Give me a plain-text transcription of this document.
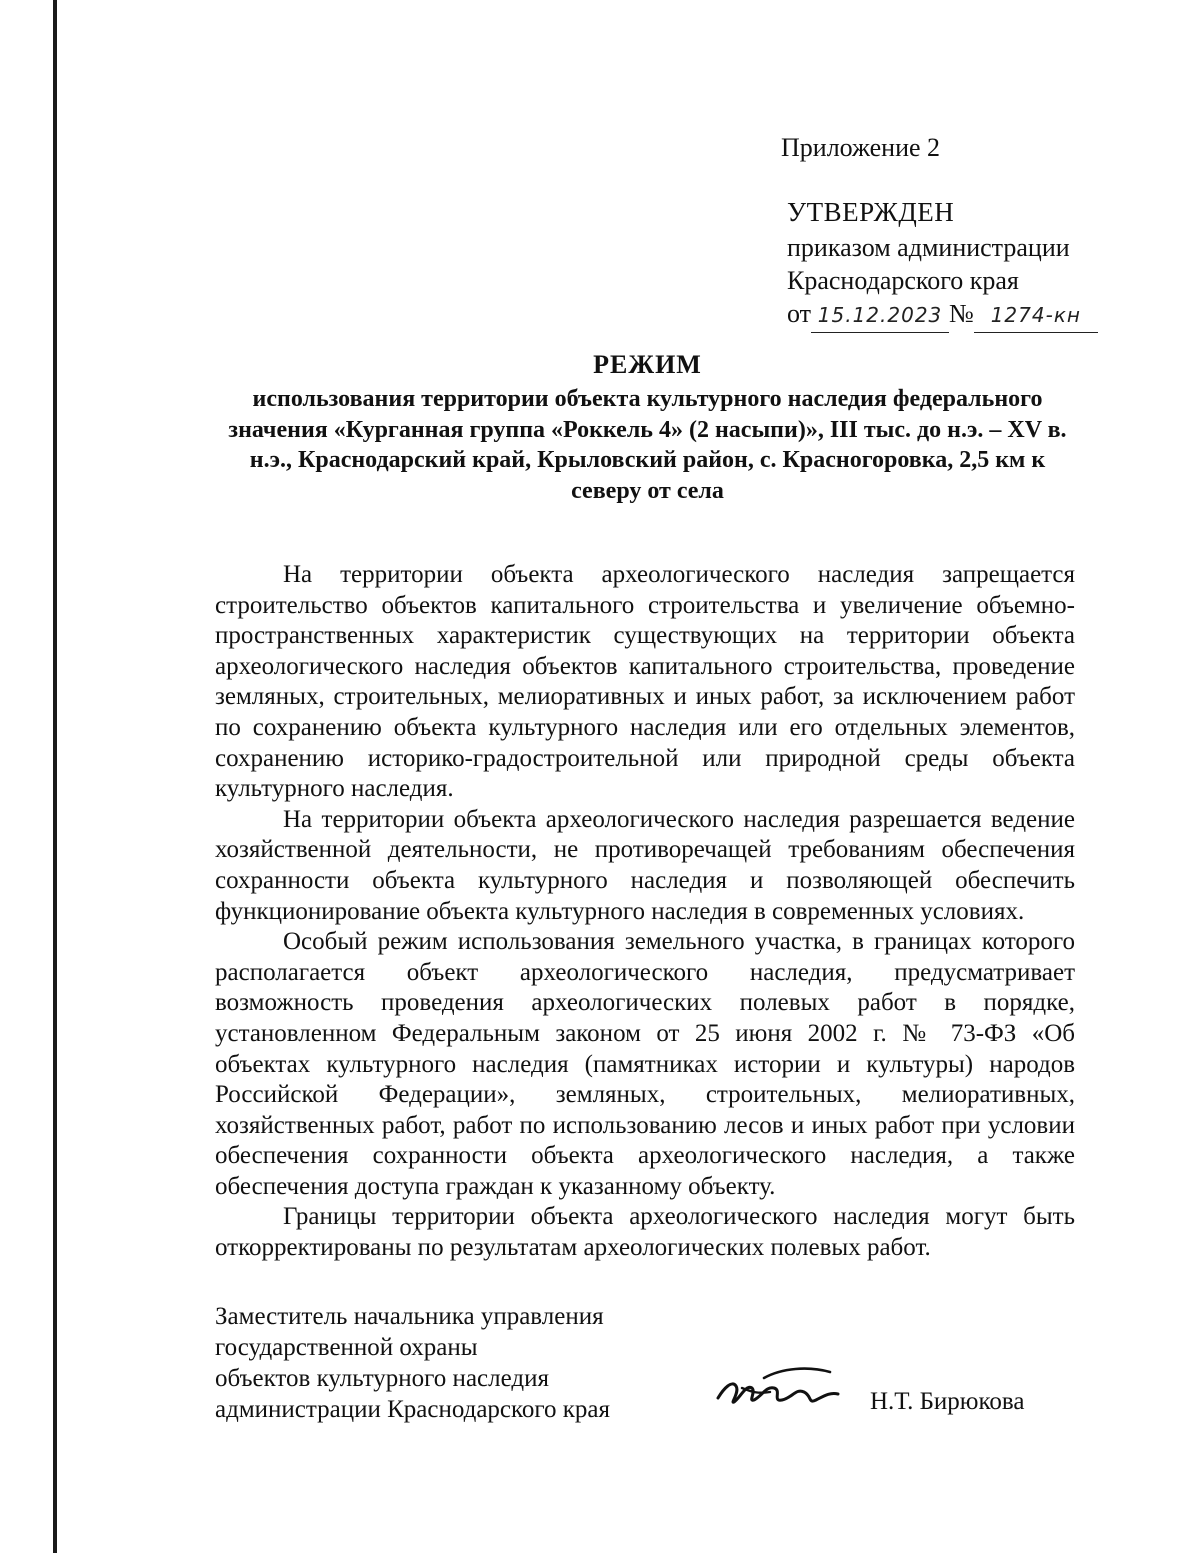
Приложение 2
УТВЕРЖДЕН
приказом администрации
Краснодарского края
от 15.12.2023 № 1274-кн
РЕЖИМ
использования территории объекта культурного наследия федерального значения «Курганная группа «Роккель 4» (2 насыпи)», III тыс. до н.э. – XV в. н.э., Краснодарский край, Крыловский район, с. Красногоровка, 2,5 км к северу от села

На территории объекта археологического наследия запрещается строительство объектов капитального строительства и увеличение объемно-пространственных характеристик существующих на территории объекта археологического наследия объектов капитального строительства, проведение земляных, строительных, мелиоративных и иных работ, за исключением работ по сохранению объекта культурного наследия или его отдельных элементов, сохранению историко-градостроительной или природной среды объекта культурного наследия.

На территории объекта археологического наследия разрешается ведение хозяйственной деятельности, не противоречащей требованиям обеспечения сохранности объекта культурного наследия и позволяющей обеспечить функционирование объекта культурного наследия в современных условиях.

Особый режим использования земельного участка, в границах которого располагается объект археологического наследия, предусматривает возможность проведения археологических полевых работ в порядке, установленном Федеральным законом от 25 июня 2002 г. № 73-ФЗ «Об объектах культурного наследия (памятниках истории и культуры) народов Российской Федерации», земляных, строительных, мелиоративных, хозяйственных работ, работ по использованию лесов и иных работ при условии обеспечения сохранности объекта археологического наследия, а также обеспечения доступа граждан к указанному объекту.

Границы территории объекта археологического наследия могут быть откорректированы по результатам археологических полевых работ.

Заместитель начальника управления
государственной охраны
объектов культурного наследия
администрации Краснодарского края	Н.Т. Бирюкова
